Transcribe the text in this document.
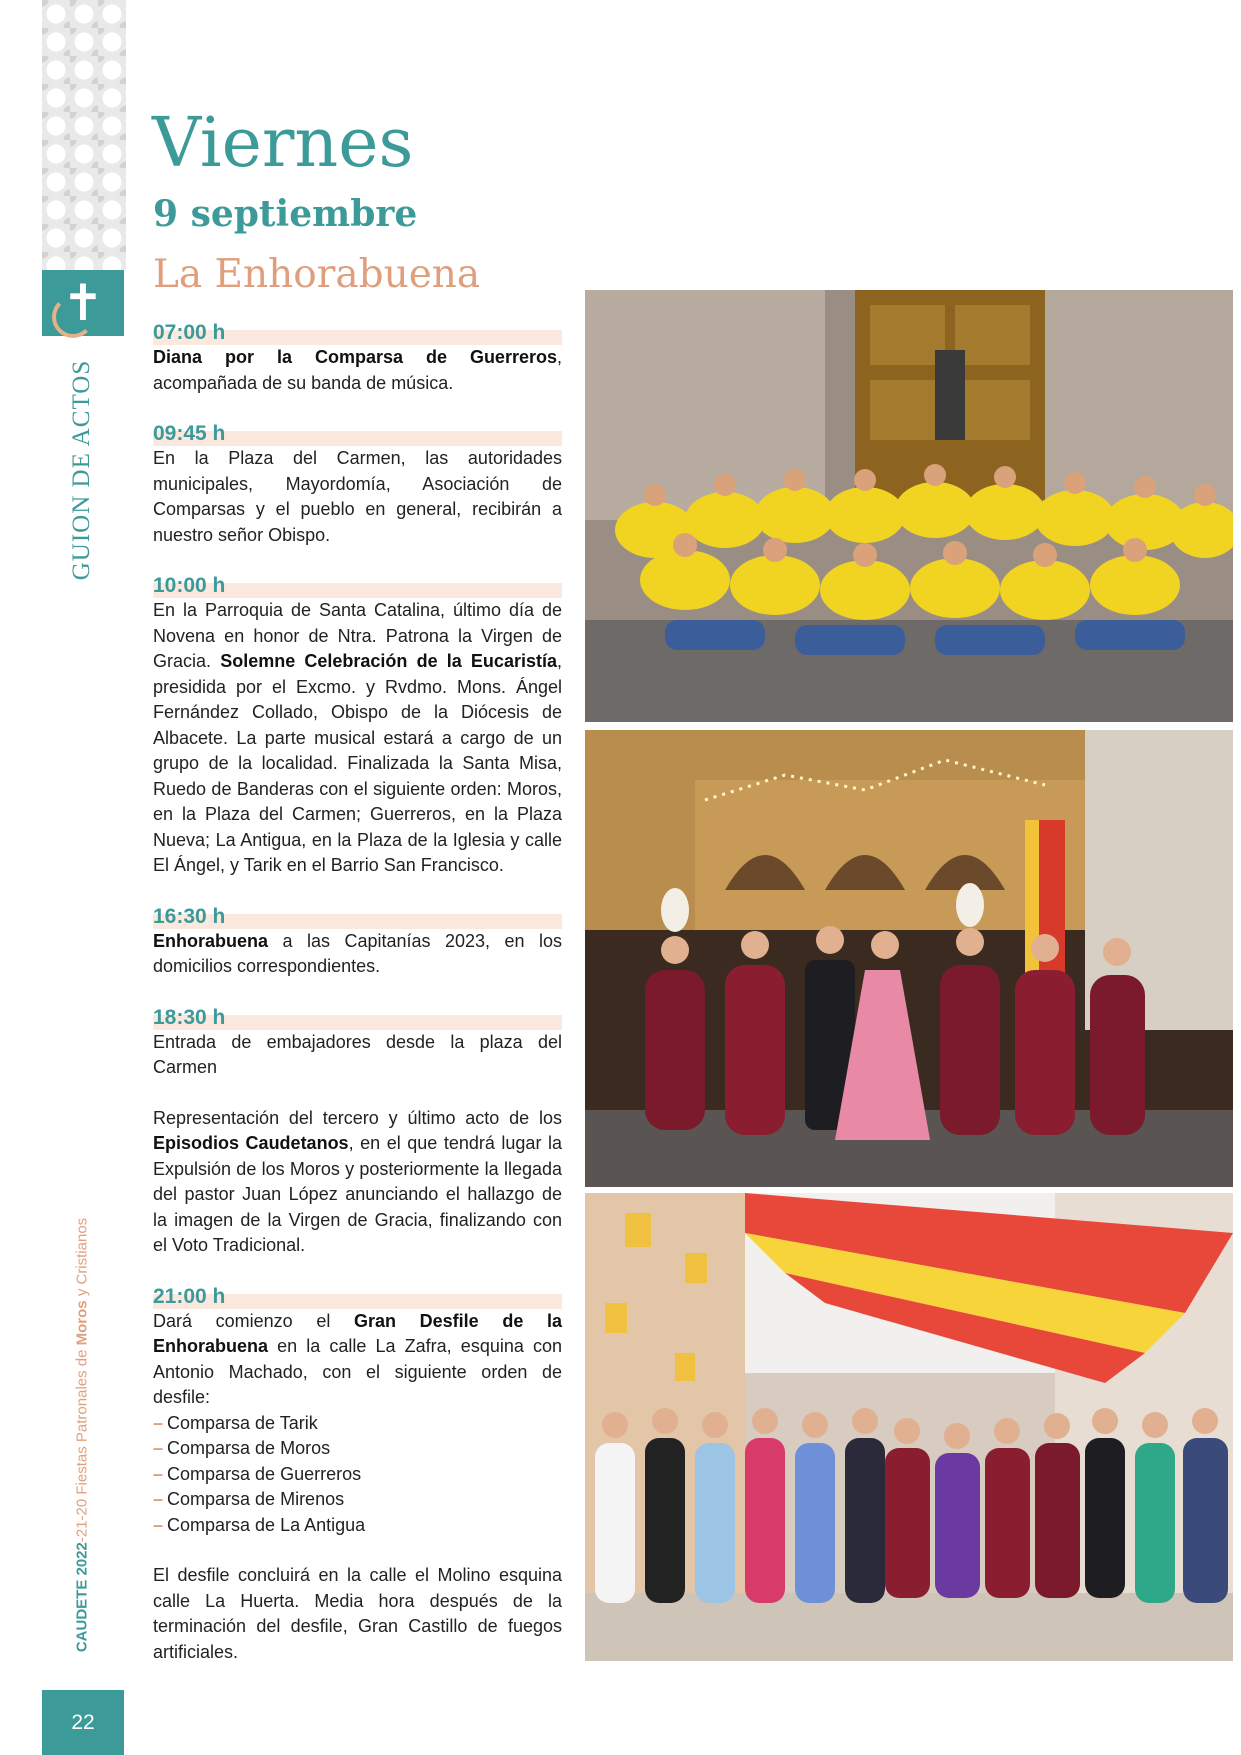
✝
GUION DE ACTOS
CAUDETE 2022-21-20 Fiestas Patronales de Moros y Cristianos
22
Viernes
9 septiembre
La Enhorabuena
07:00 h

Diana por la Comparsa de Guerreros, acompañada de su banda de música.

09:45 h

En la Plaza del Carmen, las autoridades municipales, Mayordomía, Asociación de Comparsas y el pueblo en general, recibirán a nuestro señor Obispo.

10:00 h

En la Parroquia de Santa Catalina, último día de Novena en honor de Ntra. Patrona la Virgen de Gracia. Solemne Celebración de la Eucaristía, presidida por el Excmo. y Rvdmo. Mons. Ángel Fernández Collado, Obispo de la Diócesis de Albacete. La parte musical estará a cargo de un grupo de la localidad. Finalizada la Santa Misa, Ruedo de Banderas con el siguiente orden: Moros, en la Plaza del Carmen; Guerreros, en la Plaza Nueva; La Antigua, en la Plaza de la Iglesia y calle El Ángel, y Tarik en el Barrio San Francisco.

16:30 h

Enhorabuena a las Capitanías 2023, en los domicilios correspondientes.

18:30 h

Entrada de embajadores desde la plaza del Carmen

Representación del tercero y último acto de los Episodios Caudetanos, en el que tendrá lugar la Expulsión de los Moros y posteriormente la llegada del pastor Juan López anunciando el hallazgo de la imagen de la Virgen de Gracia, finalizando con el Voto Tradicional.

21:00 h

Dará comienzo el Gran Desfile de la Enhorabuena en la calle La Zafra, esquina con Antonio Machado, con el siguiente orden de desfile:

– Comparsa de Tarik
– Comparsa de Moros
– Comparsa de Guerreros
– Comparsa de Mirenos
– Comparsa de La Antigua

El desfile concluirá en la calle el Molino esquina calle La Huerta. Media hora después de la terminación del desfile, Gran Castillo de fuegos artificiales.
